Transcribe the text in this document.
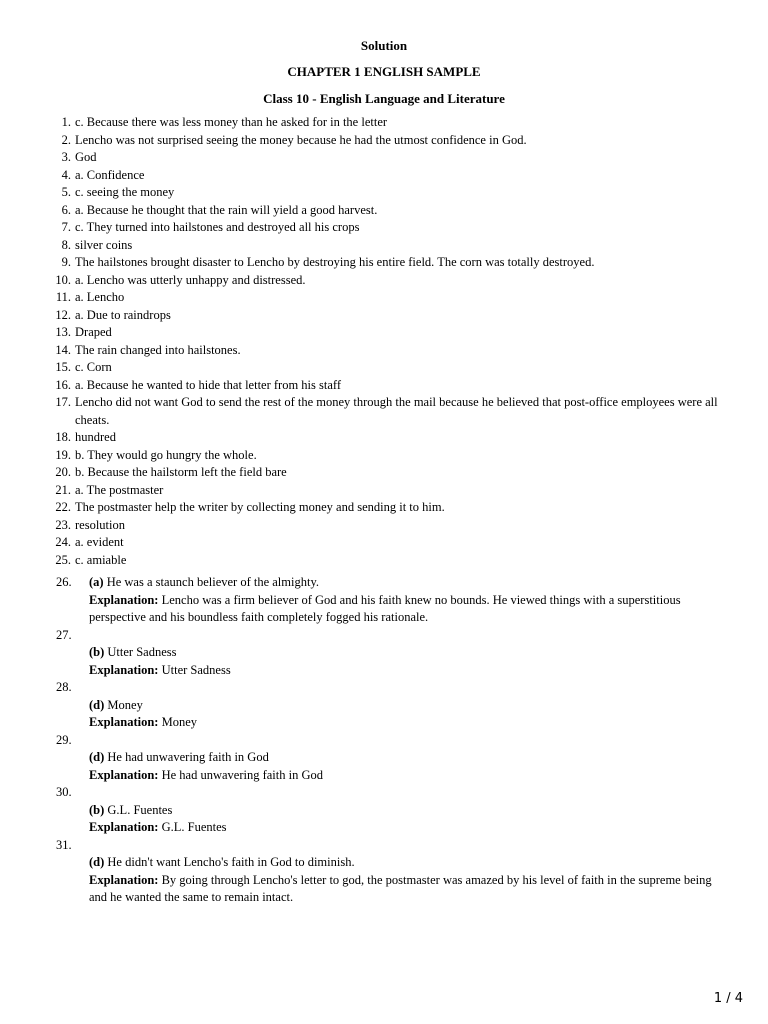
Solution
CHAPTER 1 ENGLISH SAMPLE
Class 10 - English Language and Literature
1. c. Because there was less money than he asked for in the letter
2. Lencho was not surprised seeing the money because he had the utmost confidence in God.
3. God
4. a. Confidence
5. c. seeing the money
6. a. Because he thought that the rain will yield a good harvest.
7. c. They turned into hailstones and destroyed all his crops
8. silver coins
9. The hailstones brought disaster to Lencho by destroying his entire field. The corn was totally destroyed.
10. a. Lencho was utterly unhappy and distressed.
11. a. Lencho
12. a. Due to raindrops
13. Draped
14. The rain changed into hailstones.
15. c. Corn
16. a. Because he wanted to hide that letter from his staff
17. Lencho did not want God to send the rest of the money through the mail because he believed that post-office employees were all cheats.
18. hundred
19. b. They would go hungry the whole.
20. b. Because the hailstorm left the field bare
21. a. The postmaster
22. The postmaster help the writer by collecting money and sending it to him.
23. resolution
24. a. evident
25. c. amiable
26. (a) He was a staunch believer of the almighty.
Explanation: Lencho was a firm believer of God and his faith knew no bounds. He viewed things with a superstitious perspective and his boundless faith completely fogged his rationale.
27.
(b) Utter Sadness
Explanation: Utter Sadness
28.
(d) Money
Explanation: Money
29.
(d) He had unwavering faith in God
Explanation: He had unwavering faith in God
30.
(b) G.L. Fuentes
Explanation: G.L. Fuentes
31.
(d) He didn't want Lencho's faith in God to diminish.
Explanation: By going through Lencho's letter to god, the postmaster was amazed by his level of faith in the supreme being and he wanted the same to remain intact.
1 / 4
